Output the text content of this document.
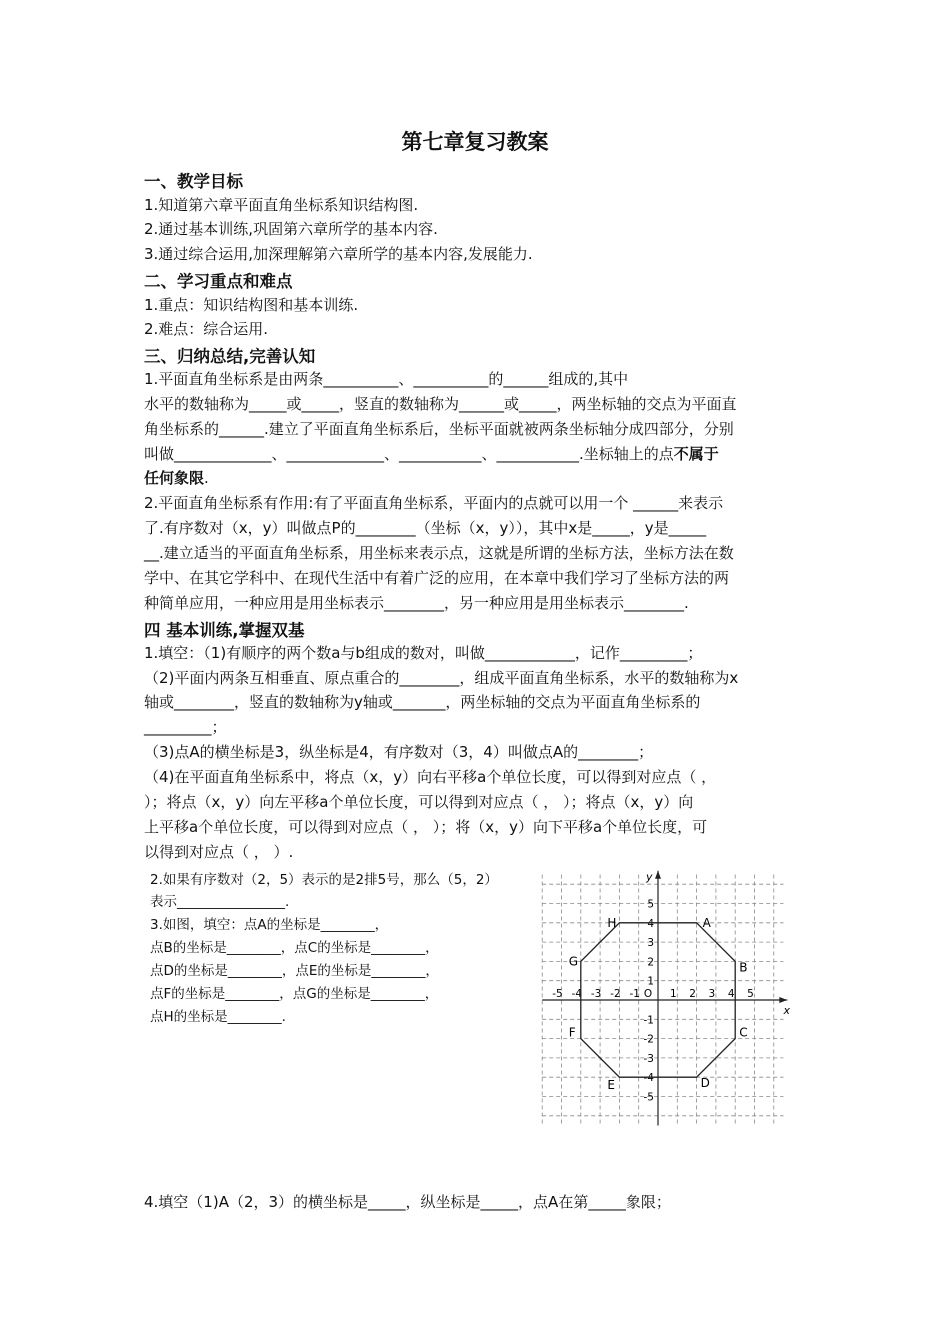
第七章复习教案
一、教学目标
1.知道第六章平面直角坐标系知识结构图.
2.通过基本训练,巩固第六章所学的基本内容.
3.通过综合运用,加深理解第六章所学的基本内容,发展能力.
二、学习重点和难点
1.重点：知识结构图和基本训练.
2.难点：综合运用.
三、归纳总结,完善认知
1.平面直角坐标系是由两条__________、__________的______组成的,其中
水平的数轴称为_____或_____，竖直的数轴称为______或_____，两坐标轴的交点为平面直
角坐标系的______.建立了平面直角坐标系后，坐标平面就被两条坐标轴分成四部分，分别
叫做_____________、_____________、___________、___________.坐标轴上的点不属于
任何象限.
2.平面直角坐标系有作用:有了平面直角坐标系，平面内的点就可以用一个 ______来表示
了.有序数对（x，y）叫做点P的________（坐标（x，y）），其中x是_____，y是_____
__.建立适当的平面直角坐标系，用坐标来表示点，这就是所谓的坐标方法，坐标方法在数
学中、在其它学科中、在现代生活中有着广泛的应用，在本章中我们学习了坐标方法的两
种简单应用，一种应用是用坐标表示________，另一种应用是用坐标表示________.
四 基本训练,掌握双基
1.填空：（1)有顺序的两个数a与b组成的数对，叫做____________，记作_________；
（2)平面内两条互相垂直、原点重合的________，组成平面直角坐标系，水平的数轴称为x
轴或________，竖直的数轴称为y轴或_______，两坐标轴的交点为平面直角坐标系的
_________；
（3)点A的横坐标是3，纵坐标是4，有序数对（3，4）叫做点A的________；
（4)在平面直角坐标系中，将点（x，y）向右平移a个单位长度，可以得到对应点（ ，
）；将点（x，y）向左平移a个单位长度，可以得到对应点（ ， ）；将点（x，y）向
上平移a个单位长度，可以得到对应点（ ， ）；将（x，y）向下平移a个单位长度，可
以得到对应点（ ， ）.
2.如果有序数对（2，5）表示的是2排5号，那么（5，2）
表示________________.
3.如图，填空：点A的坐标是________，
点B的坐标是________，点C的坐标是________，
点D的坐标是________，点E的坐标是________，
点F的坐标是________，点G的坐标是________，
点H的坐标是________.	x
y
-5 -4 -3 -2 -1 O 1 2 3 4 5
5
4
3
2
1
-1
-2
-3
-4
-5
A
B
C
D
E
F
G
H
4.填空（1)A（2，3）的横坐标是_____，纵坐标是_____，点A在第_____象限；
